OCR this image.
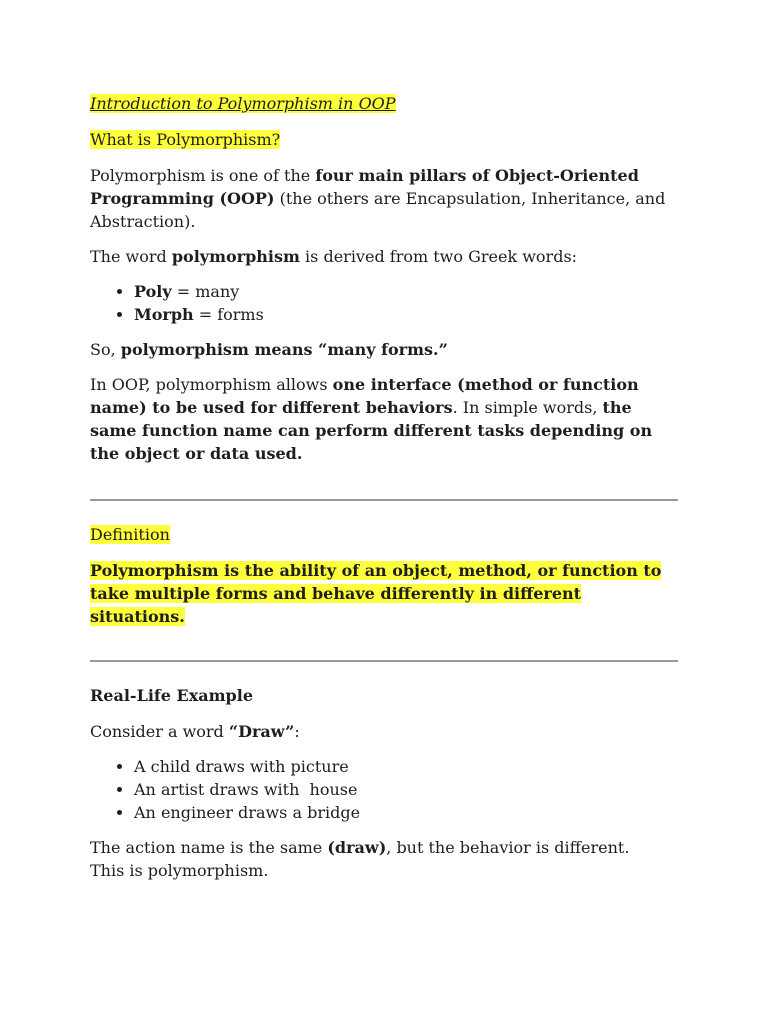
Introduction to Polymorphism in OOP

What is Polymorphism?

Polymorphism is one of the four main pillars of Object-Oriented Programming (OOP) (the others are Encapsulation, Inheritance, and Abstraction).

The word polymorphism is derived from two Greek words:

• Poly = many
• Morph = forms

So, polymorphism means “many forms.”

In OOP, polymorphism allows one interface (method or function name) to be used for different behaviors. In simple words, the same function name can perform different tasks depending on the object or data used.

Definition

Polymorphism is the ability of an object, method, or function to take multiple forms and behave differently in different situations.

Real-Life Example

Consider a word “Draw”:

• A child draws with picture
• An artist draws with  house
• An engineer draws a bridge

The action name is the same (draw), but the behavior is different.

This is polymorphism.
